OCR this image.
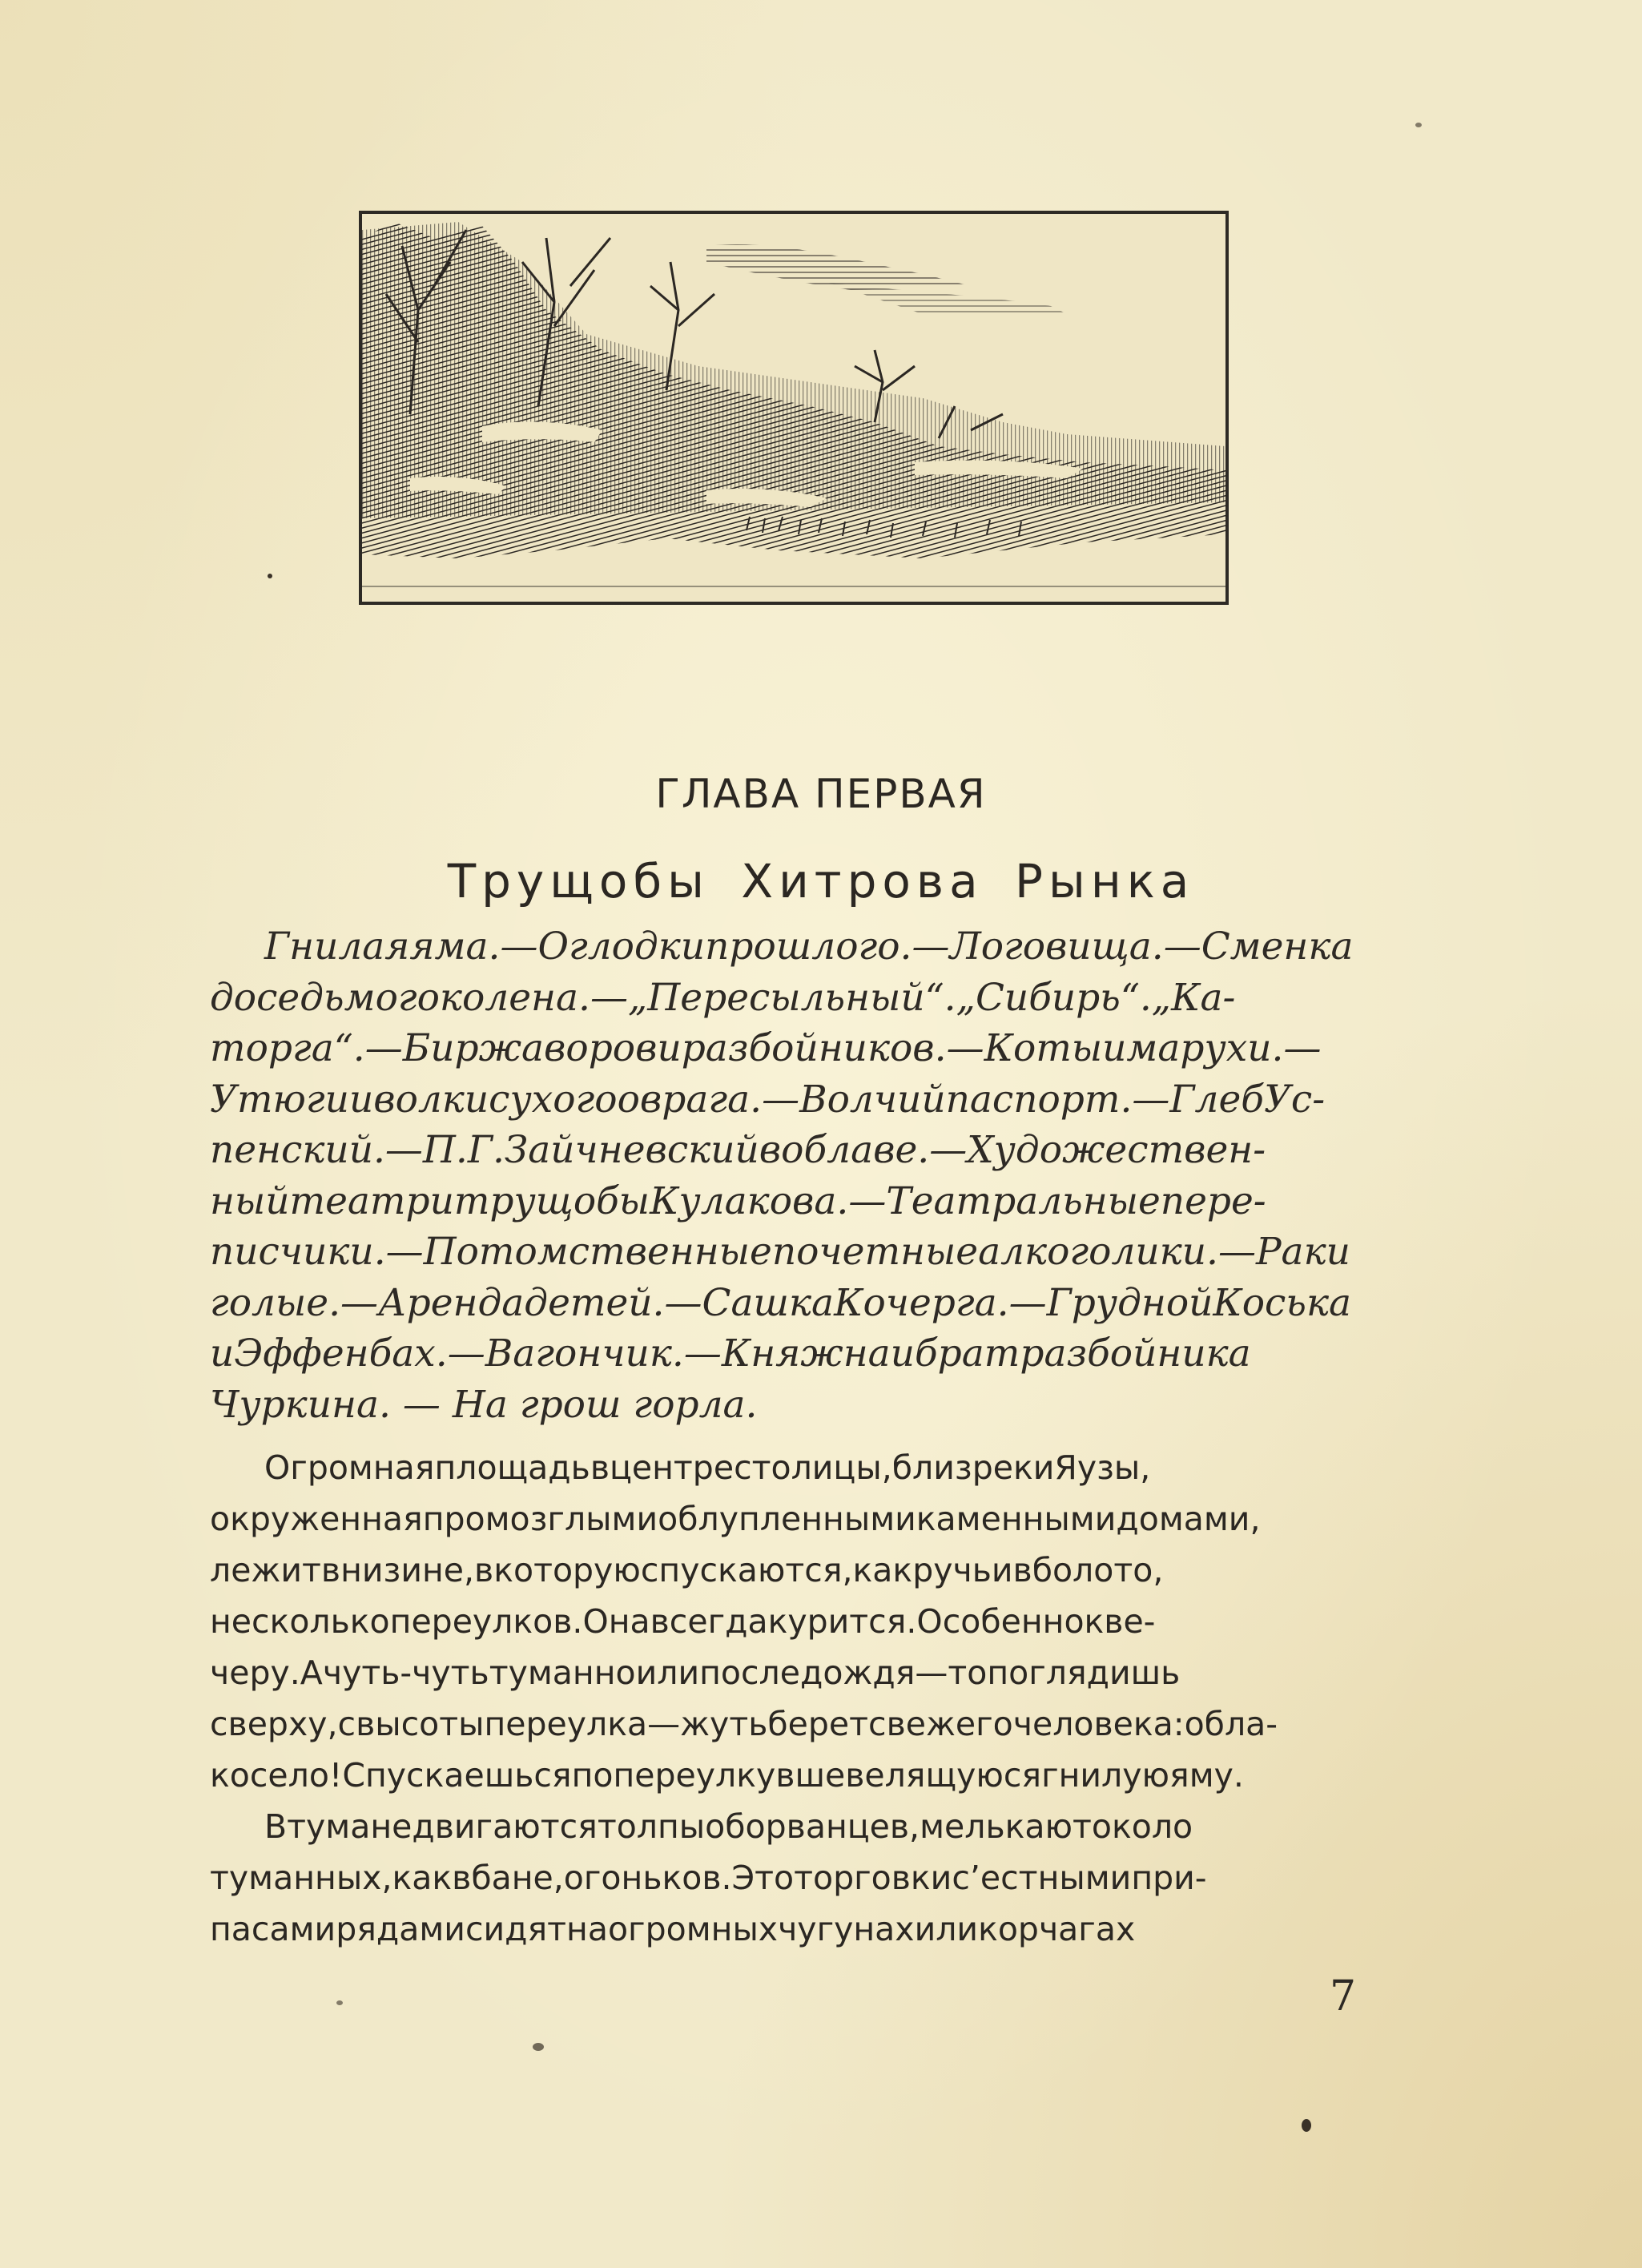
ГЛАВА ПЕРВАЯ
Трущобы Хитрова Рынка
Гнилаяяма.—Оглодкипрошлого.—Логовища.—Сменка
доседьмогоколена.—„Пересыльный“.„Сибирь“.„Ка-
торга“.—Биржаворовиразбойников.—Котыимарухи.—
Утюгииволкисухогооврага.—Волчийпаспорт.—ГлебУс-
пенский.—П.Г.Зайчневскийвоблаве.—Художествен-
ныйтеатритрущобыКулакова.—Театральныепере-
писчики.—Потомственныепочетныеалкоголики.—Раки
голые.—Арендадетей.—СашкаКочерга.—ГруднойКоська
иЭффенбах.—Вагончик.—Княжнаибратразбойника
Чуркина. — На грош горла.
Огромнаяплощадьвцентрестолицы,близрекиЯузы,
окруженнаяпромозглымиоблупленнымикаменнымидомами,
лежитвнизине,вкоторуюспускаются,какручьивболото,
несколькопереулков.Онавсегдакурится.Особеннокве-
черу.Ачуть-чутьтуманноилипоследождя—топоглядишь
сверху,свысотыпереулка—жутьберетсвежегочеловека:обла-
косело!Спускаешьсяпопереулкувшевелящуюсягнилуюяму.
Втуманедвигаютсятолпыоборванцев,мелькаютоколо
туманных,каквбане,огоньков.Этоторговкис’естнымипри-
пасамирядамисидятнаогромныхчугунахиликорчагах
7
